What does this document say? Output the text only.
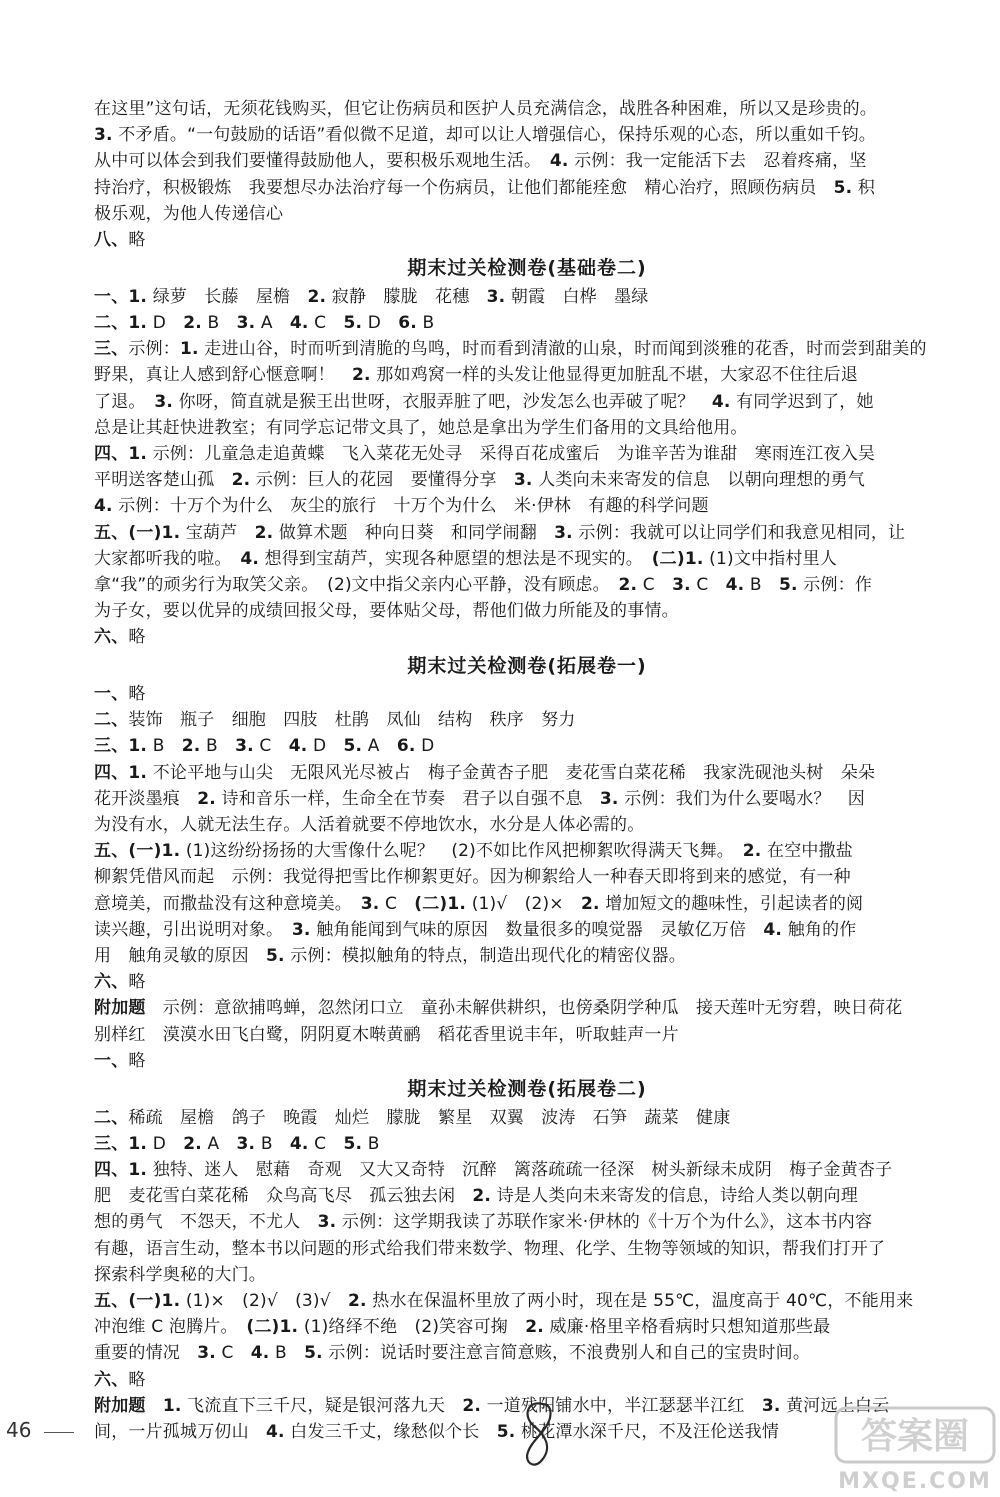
在这里”这句话，无须花钱购买，但它让伤病员和医护人员充满信念，战胜各种困难，所以又是珍贵的。
3. 不矛盾。“一句鼓励的话语”看似微不足道，却可以让人增强信心，保持乐观的心态，所以重如千钧。
从中可以体会到我们要懂得鼓励他人，要积极乐观地生活。　4. 示例：我一定能活下去　忍着疼痛，坚
持治疗，积极锻炼　我要想尽办法治疗每一个伤病员，让他们都能痊愈　精心治疗，照顾伤病员　5. 积
极乐观，为他人传递信心
八、略
期末过关检测卷(基础卷二)
一、1. 绿萝　长藤　屋檐　2. 寂静　朦胧　花穗　3. 朝霞　白桦　墨绿
二、1. D　2. B　3. A　4. C　5. D　6. B
三、示例：1. 走进山谷，时而听到清脆的鸟鸣，时而看到清澈的山泉，时而闻到淡雅的花香，时而尝到甜美的
野果，真让人感到舒心惬意啊！　2. 那如鸡窝一样的头发让他显得更加脏乱不堪，大家忍不住往后退
了退。　3. 你呀，简直就是猴王出世呀，衣服弄脏了吧，沙发怎么也弄破了呢？　4. 有同学迟到了，她
总是让其赶快进教室；有同学忘记带文具了，她总是拿出为学生们备用的文具给他用。
四、1. 示例：儿童急走追黄蝶　飞入菜花无处寻　采得百花成蜜后　为谁辛苦为谁甜　寒雨连江夜入吴
平明送客楚山孤　2. 示例：巨人的花园　要懂得分享　3. 人类向未来寄发的信息　以朝向理想的勇气
4. 示例：十万个为什么　灰尘的旅行　十万个为什么　米·伊林　有趣的科学问题
五、(一)1. 宝葫芦　2. 做算术题　种向日葵　和同学闹翻　3. 示例：我就可以让同学们和我意见相同，让
大家都听我的啦。　4. 想得到宝葫芦，实现各种愿望的想法是不现实的。　(二)1. (1)文中指村里人
拿“我”的顽劣行为取笑父亲。　(2)文中指父亲内心平静，没有顾虑。　2. C　3. C　4. B　5. 示例：作
为子女，要以优异的成绩回报父母，要体贴父母，帮他们做力所能及的事情。
六、略
期末过关检测卷(拓展卷一)
一、略
二、装饰　瓶子　细胞　四肢　杜鹃　凤仙　结构　秩序　努力
三、1. B　2. B　3. C　4. D　5. A　6. D
四、1. 不论平地与山尖　无限风光尽被占　梅子金黄杏子肥　麦花雪白菜花稀　我家洗砚池头树　朵朵
花开淡墨痕　2. 诗和音乐一样，生命全在节奏　君子以自强不息　3. 示例：我们为什么要喝水？　因
为没有水，人就无法生存。人活着就要不停地饮水，水分是人体必需的。
五、(一)1. (1)这纷纷扬扬的大雪像什么呢？　(2)不如比作风把柳絮吹得满天飞舞。　2. 在空中撒盐
柳絮凭借风而起　示例：我觉得把雪比作柳絮更好。因为柳絮给人一种春天即将到来的感觉，有一种
意境美，而撒盐没有这种意境美。　3. C　(二)1. (1)√　(2)×　2. 增加短文的趣味性，引起读者的阅
读兴趣，引出说明对象。　3. 触角能闻到气味的原因　数量很多的嗅觉器　灵敏亿万倍　4. 触角的作
用　触角灵敏的原因　5. 示例：模拟触角的特点，制造出现代化的精密仪器。
六、略
附加题　示例：意欲捕鸣蝉，忽然闭口立　童孙未解供耕织，也傍桑阴学种瓜　接天莲叶无穷碧，映日荷花
别样红　漠漠水田飞白鹭，阴阴夏木啭黄鹂　稻花香里说丰年，听取蛙声一片
一、略
期末过关检测卷(拓展卷二)
二、稀疏　屋檐　鸽子　晚霞　灿烂　朦胧　繁星　双翼　波涛　石笋　蔬菜　健康
三、1. D　2. A　3. B　4. C　5. B
四、1. 独特、迷人　慰藉　奇观　又大又奇特　沉醉　篱落疏疏一径深　树头新绿未成阴　梅子金黄杏子
肥　麦花雪白菜花稀　众鸟高飞尽　孤云独去闲　2. 诗是人类向未来寄发的信息，诗给人类以朝向理
想的勇气　不怨天，不尤人　3. 示例：这学期我读了苏联作家米·伊林的《十万个为什么》，这本书内容
有趣，语言生动，整本书以问题的形式给我们带来数学、物理、化学、生物等领域的知识，帮我们打开了
探索科学奥秘的大门。
五、(一)1. (1)×　(2)√　(3)√　2. 热水在保温杯里放了两小时，现在是 55℃，温度高于 40℃，不能用来
冲泡维 C 泡腾片。　(二)1. (1)络绎不绝　(2)笑容可掬　2. 威廉·格里辛格看病时只想知道那些最
重要的情况　3. C　4. B　5. 示例：说话时要注意言简意赅，不浪费别人和自己的宝贵时间。
六、略
附加题　 1. 飞流直下三千尺，疑是银河落九天　2. 一道残阳铺水中，半江瑟瑟半江红　3. 黄河远上白云
间，一片孤城万仞山　4. 白发三千丈，缘愁似个长　5. 桃花潭水深千尺，不及汪伦送我情
46	答案圈
MXQE.COM
